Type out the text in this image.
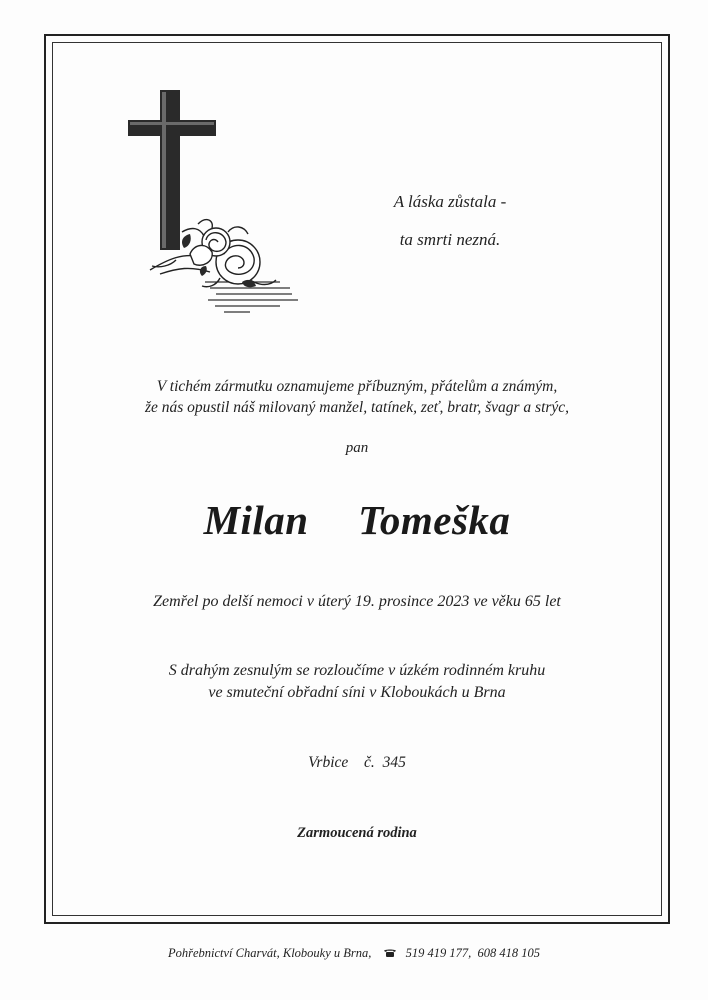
A láska zůstala -
ta smrti nezná.
V tichém zármutku oznamujeme příbuzným, přátelům a známým,
že nás opustil náš milovaný manžel, tatínek, zeť, bratr, švagr a strýc,
pan
Milan  Tomeška
Zemřel po delší nemoci v úterý 19. prosince 2023 ve věku 65 let
S drahým zesnulým se rozloučíme v úzkém rodinném kruhu
ve smuteční obřadní síni v Kloboukách u Brna
Vrbice  č. 345
Zarmoucená rodina
Pohřebnictví Charvát, Klobouky u Brna,	519 419 177,  608 418 105
